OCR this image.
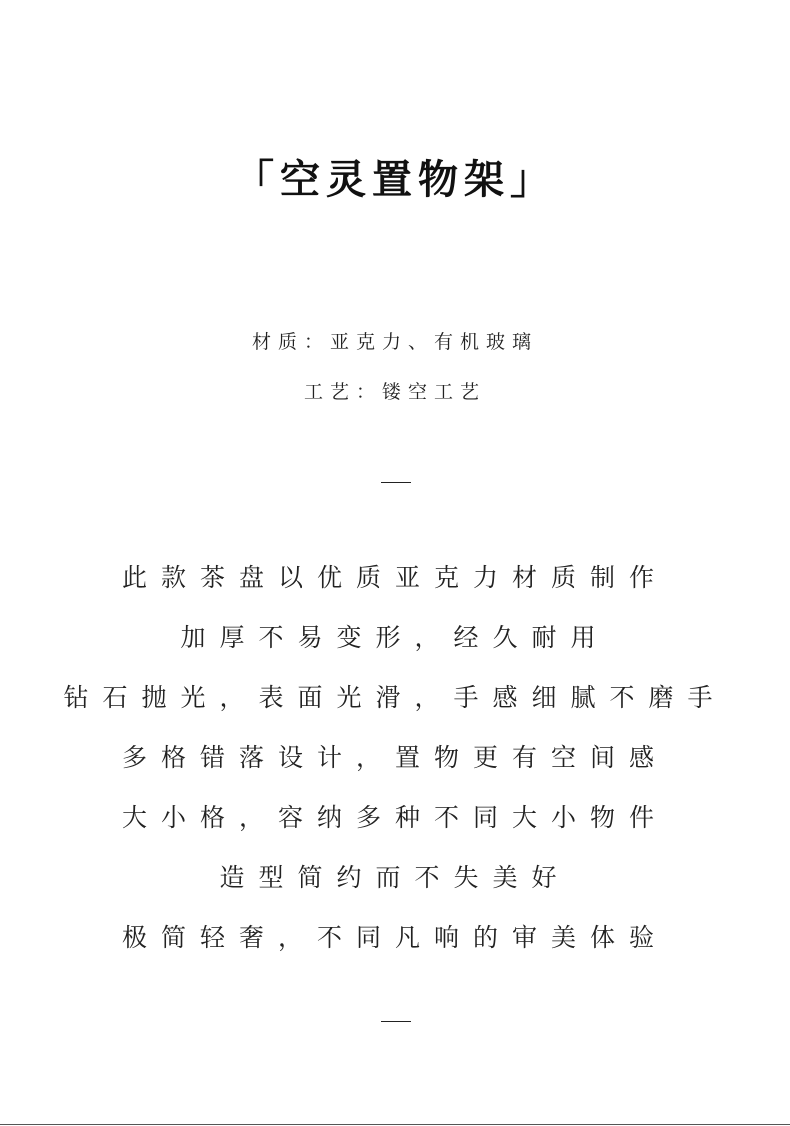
「空灵置物架」
材质：亚克力、有机玻璃
工艺：镂空工艺
此款茶盘以优质亚克力材质制作
加厚不易变形，经久耐用
钻石抛光，表面光滑，手感细腻不磨手
多格错落设计，置物更有空间感
大小格，容纳多种不同大小物件
造型简约而不失美好
极简轻奢，不同凡响的审美体验
